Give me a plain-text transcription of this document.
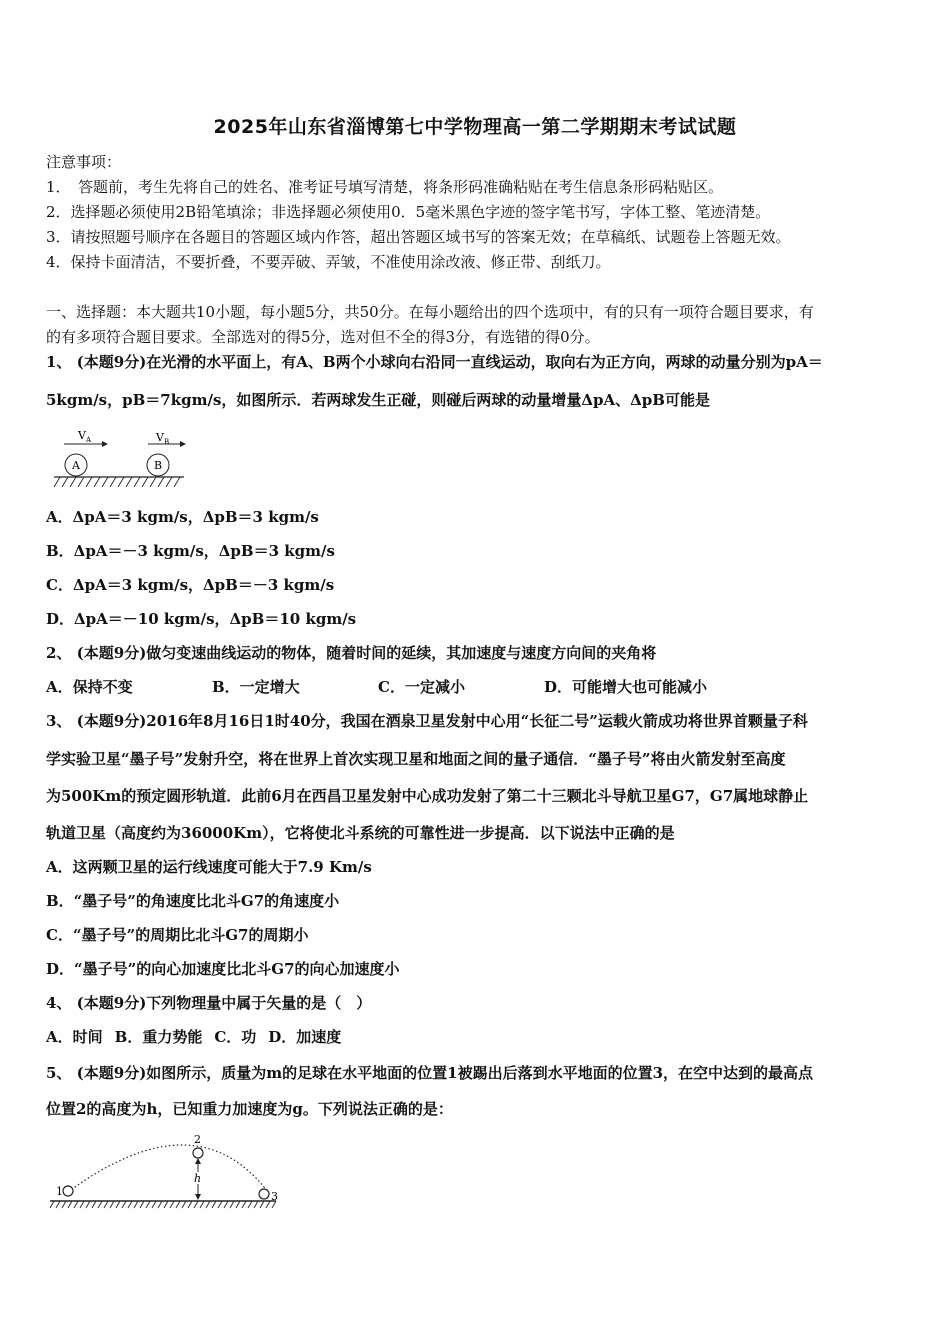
2025年山东省淄博第七中学物理高一第二学期期末考试试题
注意事项：
1．　答题前，考生先将自己的姓名、准考证号填写清楚，将条形码准确粘贴在考生信息条形码粘贴区。
2．选择题必须使用2B铅笔填涂；非选择题必须使用0．5毫米黑色字迹的签字笔书写，字体工整、笔迹清楚。
3．请按照题号顺序在各题目的答题区域内作答，超出答题区域书写的答案无效；在草稿纸、试题卷上答题无效。
4．保持卡面清洁，不要折叠，不要弄破、弄皱，不准使用涂改液、修正带、刮纸刀。
一、选择题：本大题共10小题，每小题5分，共50分。在每小题给出的四个选项中，有的只有一项符合题目要求，有
的有多项符合题目要求。全部选对的得5分，选对但不全的得3分，有选错的得0分。
1、 (本题9分)在光滑的水平面上，有A、B两个小球向右沿同一直线运动，取向右为正方向，两球的动量分别为pA＝
5kgm/s，pB＝7kgm/s，如图所示．若两球发生正碰，则碰后两球的动量增量ΔpA、ΔpB可能是
V A	V B
A	B
A．ΔpA＝3 kgm/s，ΔpB＝3 kgm/s
B．ΔpA＝－3 kgm/s，ΔpB＝3 kgm/s
C．ΔpA＝3 kgm/s，ΔpB＝－3 kgm/s
D．ΔpA＝－10 kgm/s，ΔpB＝10 kgm/s
2、 (本题9分)做匀变速曲线运动的物体，随着时间的延续，其加速度与速度方向间的夹角将
A．保持不变	B．一定增大	C．一定减小	D．可能增大也可能减小
3、 (本题9分)2016年8月16日1时40分，我国在酒泉卫星发射中心用“长征二号”运载火箭成功将世界首颗量子科
学实验卫星“墨子号”发射升空，将在世界上首次实现卫星和地面之间的量子通信．“墨子号”将由火箭发射至高度
为500Km的预定圆形轨道．此前6月在西昌卫星发射中心成功发射了第二十三颗北斗导航卫星G7，G7属地球静止
轨道卫星（高度约为36000Km），它将使北斗系统的可靠性进一步提高．以下说法中正确的是
A．这两颗卫星的运行线速度可能大于7.9 Km/s
B．“墨子号”的角速度比北斗G7的角速度小
C．“墨子号”的周期比北斗G7的周期小
D．“墨子号”的向心加速度比北斗G7的向心加速度小
4、 (本题9分)下列物理量中属于矢量的是（　）
A．时间 B．重力势能 C．功 D．加速度
5、 (本题9分)如图所示，质量为m的足球在水平地面的位置1被踢出后落到水平地面的位置3，在空中达到的最高点
位置2的高度为h，已知重力加速度为g。下列说法正确的是：
1
2
3

h
